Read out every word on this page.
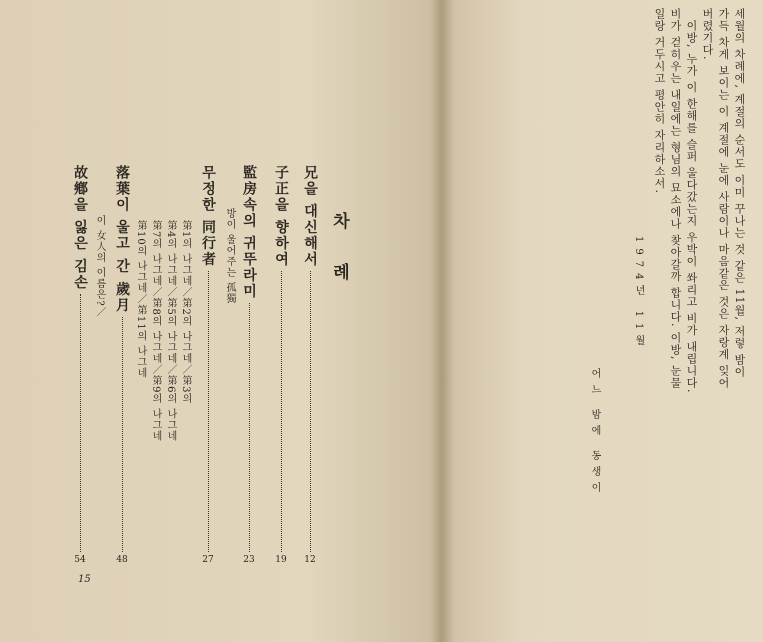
차 례
兄을 대신해서
12
子正을 향하여
19
監房속의 귀뚜라미
23
방이 울어주는 孤獨
무정한 同行者
27
第1의 나그네／第2의 나그네／第3의
第4의 나그네／第5의 나그네／第6의 나그네
第7의 나그네／第8의 나그네／第9의 나그네
第10의 나그네／第11의 나그네
落葉이 울고 간 歲月
48
이 女人의 이름은?／
故鄕을 잃은 김손
54
15
세월의 차례에, 계절의 순서도 이미 꾸나는 것 같은 11월, 저렇 밤이
가득 차게 보이는 이 계절에 눈에 사람이나 마음같은 것은 자랑계 잊어
버렸기다.
이방, 누가 이 한해를 슬퍼 울다갔는지 우박이 쏴리고 비가 내립니다.
비가 걷히우는 내일에는 형님의 묘소에나 찾아갈까 합니다. 이방, 눈물
일랑 거두시고 평안히 자리하소서.
1974년 11월
어느 밤에 동생이
